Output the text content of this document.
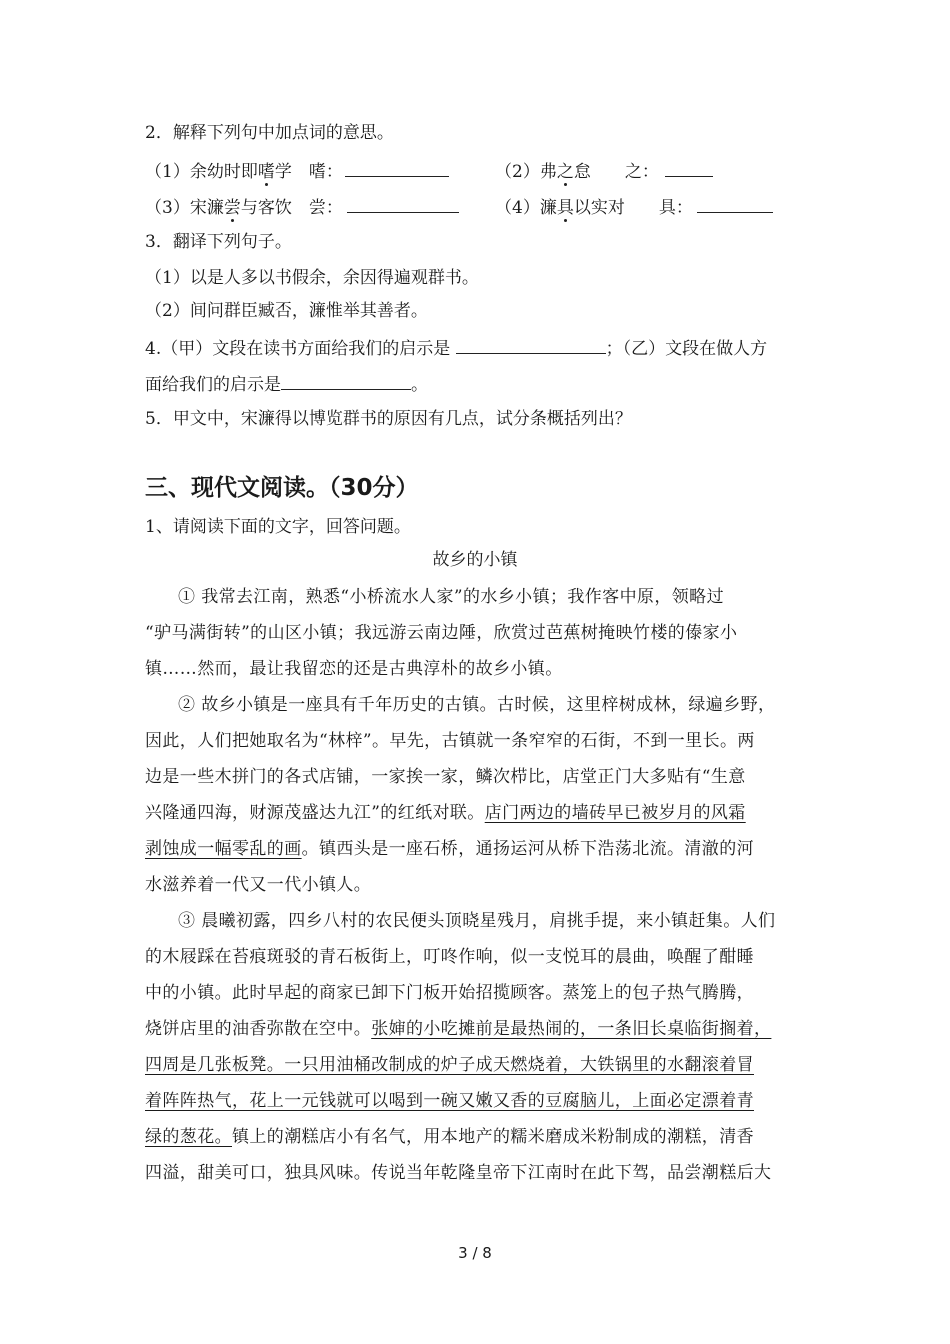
2．解释下列句中加点词的意思。
（1）余幼时即嗜学　嗜：	（2）弗之怠　　之：
（3）宋濂尝与客饮　尝：	（4）濂具以实对　　具：
3．翻译下列句子。
（1）以是人多以书假余，余因得遍观群书。
（2）间问群臣臧否，濂惟举其善者。
4.（甲）文段在读书方面给我们的启示是	；（乙）文段在做人方
面给我们的启示是	。
5．甲文中，宋濂得以博览群书的原因有几点，试分条概括列出？
三、现代文阅读。（30分）
1、请阅读下面的文字，回答问题。
故乡的小镇
① 我常去江南，熟悉“小桥流水人家”的水乡小镇；我作客中原，领略过
“驴马满街转”的山区小镇；我远游云南边陲，欣赏过芭蕉树掩映竹楼的傣家小
镇……然而，最让我留恋的还是古典淳朴的故乡小镇。
② 故乡小镇是一座具有千年历史的古镇。古时候，这里梓树成林，绿遍乡野，
因此，人们把她取名为“林梓”。早先，古镇就一条窄窄的石街，不到一里长。两
边是一些木拼门的各式店铺，一家挨一家，鳞次栉比，店堂正门大多贴有“生意
兴隆通四海，财源茂盛达九江”的红纸对联。店门两边的墙砖早已被岁月的风霜
剥蚀成一幅零乱的画。镇西头是一座石桥，通扬运河从桥下浩荡北流。清澈的河
水滋养着一代又一代小镇人。
③ 晨曦初露，四乡八村的农民便头顶晓星残月，肩挑手提，来小镇赶集。人们
的木屐踩在苔痕斑驳的青石板街上，叮咚作响，似一支悦耳的晨曲，唤醒了酣睡
中的小镇。此时早起的商家已卸下门板开始招揽顾客。蒸笼上的包子热气腾腾，
烧饼店里的油香弥散在空中。张婶的小吃摊前是最热闹的，一条旧长桌临街搁着，
四周是几张板凳。一只用油桶改制成的炉子成天燃烧着，大铁锅里的水翻滚着冒
着阵阵热气，花上一元钱就可以喝到一碗又嫩又香的豆腐脑儿，上面必定漂着青
绿的葱花。镇上的潮糕店小有名气，用本地产的糯米磨成米粉制成的潮糕，清香
四溢，甜美可口，独具风味。传说当年乾隆皇帝下江南时在此下驾，品尝潮糕后大
3 / 8
